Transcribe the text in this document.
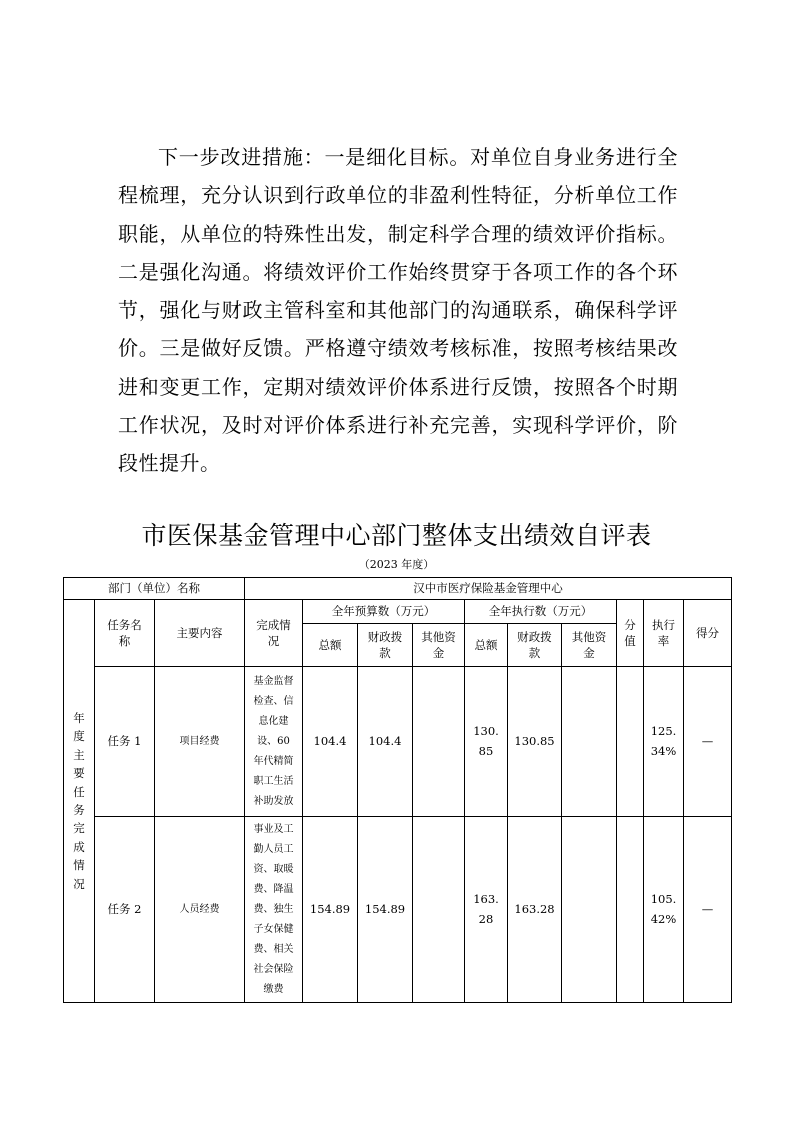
下一步改进措施：一是细化目标。对单位自身业务进行全程梳理，充分认识到行政单位的非盈利性特征，分析单位工作职能，从单位的特殊性出发，制定科学合理的绩效评价指标。二是强化沟通。将绩效评价工作始终贯穿于各项工作的各个环节，强化与财政主管科室和其他部门的沟通联系，确保科学评价。三是做好反馈。严格遵守绩效考核标准，按照考核结果改进和变更工作，定期对绩效评价体系进行反馈，按照各个时期工作状况，及时对评价体系进行补充完善，实现科学评价，阶段性提升。

市医保基金管理中心部门整体支出绩效自评表
（2023 年度）
部门（单位）名称			汉中市医疗保险基金管理中心									
年度主要任务完成情况	任务名称	主要内容	完成情况	全年预算数（万元）			全年执行数（万元）			分值	执行率	得分
				总额	财政拨款	其他资金	总额	财政拨款	其他资金			
	任务 1	项目经费	基金监督检查、信息化建设、60 年代精简职工生活补助发放	104.4	104.4		130.85	130.85			125.34%	—
	任务 2	人员经费	事业及工勤人员工资、取暖费、降温费、独生子女保健费、相关社会保险缴费	154.89	154.89		163.28	163.28			105.42%	—
